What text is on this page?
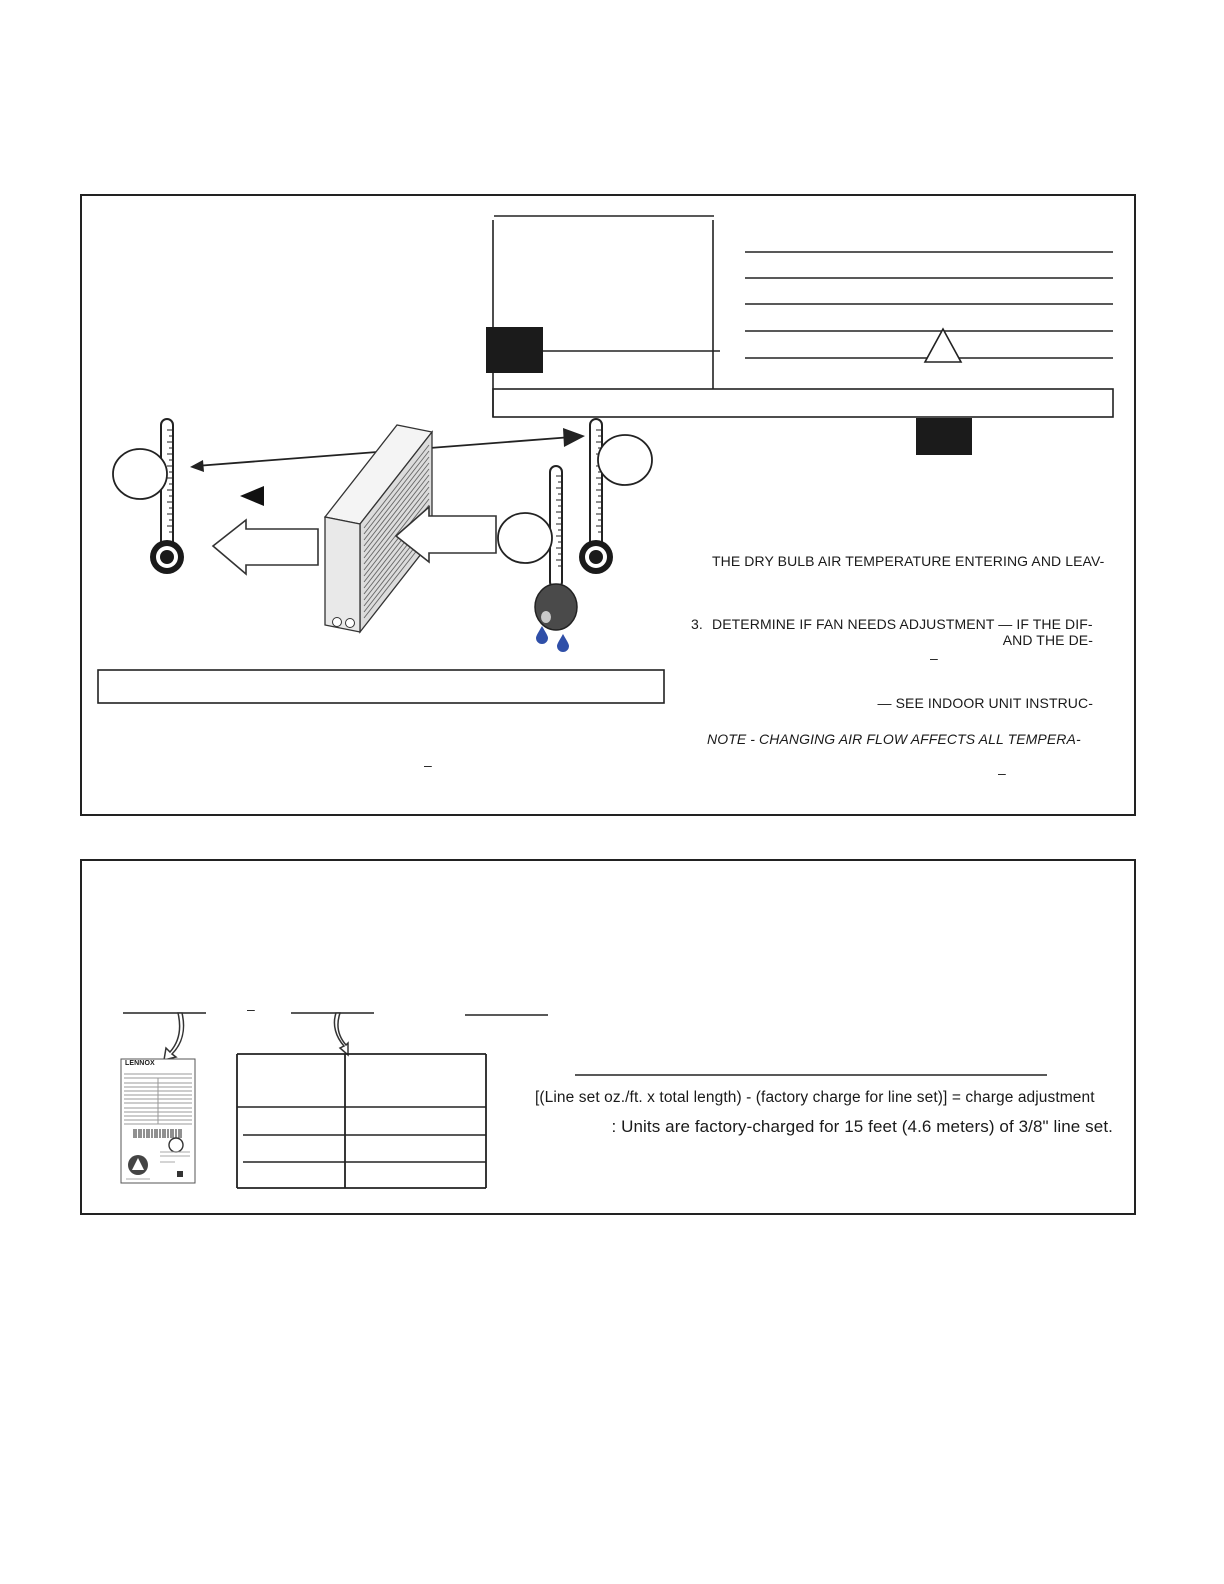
LENNOX
THE DRY BULB AIR TEMPERATURE ENTERING AND LEAV-
3. DETERMINE IF FAN NEEDS ADJUSTMENT — IF THE DIF-
AND THE DE-
–
— SEE INDOOR UNIT INSTRUC-
NOTE - CHANGING AIR FLOW AFFECTS ALL TEMPERA-
–	–
–
[(Line set oz./ft. x total length) - (factory charge for line set)] = charge adjustment
: Units are factory-charged for 15 feet (4.6 meters) of 3/8" line set.
